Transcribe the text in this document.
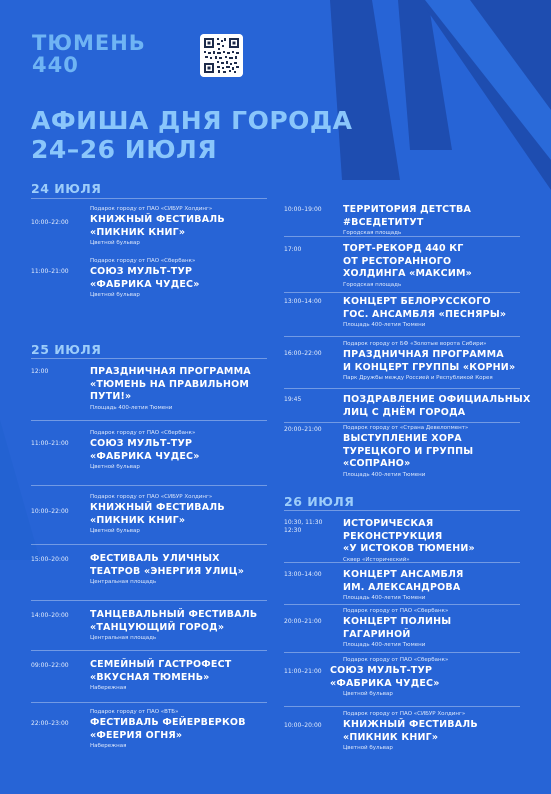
ТЮМЕНЬ
440
АФИША ДНЯ ГОРОДА
24–26 ИЮЛЯ
24 ИЮЛЯ
25 ИЮЛЯ
26 ИЮЛЯ
10:00–22:00
Подарок городу от ПАО «СИБУР Холдинг»
КНИЖНЫЙ ФЕСТИВАЛЬ
«ПИКНИК КНИГ»
Цветной бульвар
11:00–21:00
Подарок городу от ПАО «Сбербанк»
СОЮЗ МУЛЬТ-ТУР
«ФАБРИКА ЧУДЕС»
Цветной бульвар
12:00	ПРАЗДНИЧНАЯ ПРОГРАММА
«ТЮМЕНЬ НА ПРАВИЛЬНОМ
ПУТИ!»
Площадь 400-летия Тюмени
11:00–21:00
Подарок городу от ПАО «Сбербанк»
СОЮЗ МУЛЬТ-ТУР
«ФАБРИКА ЧУДЕС»
Цветной бульвар
10:00–22:00
Подарок городу от ПАО «СИБУР Холдинг»
КНИЖНЫЙ ФЕСТИВАЛЬ
«ПИКНИК КНИГ»
Цветной бульвар
15:00–20:00 ФЕСТИВАЛЬ УЛИЧНЫХ
ТЕАТРОВ «ЭНЕРГИЯ УЛИЦ»
Центральная площадь
14:00–20:00 ТАНЦЕВАЛЬНЫЙ ФЕСТИВАЛЬ
«ТАНЦУЮЩИЙ ГОРОД»
Центральная площадь
09:00–22:00 СЕМЕЙНЫЙ ГАСТРОФЕСТ
«ВКУСНАЯ ТЮМЕНЬ»
Набережная
22:00–23:00
Подарок городу от ПАО «ВТБ»
ФЕСТИВАЛЬ ФЕЙЕРВЕРКОВ
«ФЕЕРИЯ ОГНЯ»
Набережная
10:00–19:00 ТЕРРИТОРИЯ ДЕТСТВА
#ВСЕДЕТИТУТ
Городская площадь
17:00	ТОРТ-РЕКОРД 440 КГ
ОТ РЕСТОРАННОГО
ХОЛДИНГА «МАКСИМ»
Городская площадь
13:00–14:00 КОНЦЕРТ БЕЛОРУССКОГО
ГОС. АНСАМБЛЯ «ПЕСНЯРЫ»
Площадь 400-летия Тюмени
16:00–22:00
Подарок городу от БФ «Золотые ворота Сибири»
ПРАЗДНИЧНАЯ ПРОГРАММА
И КОНЦЕРТ ГРУППЫ «КОРНИ»
Парк Дружбы между Россией и Республикой Корея
19:45	ПОЗДРАВЛЕНИЕ ОФИЦИАЛЬНЫХ
ЛИЦ С ДНЁМ ГОРОДА
20:00–21:00	Подарок городу от «Страна Девелопмент»
ВЫСТУПЛЕНИЕ ХОРА
ТУРЕЦКОГО И ГРУППЫ
«СОПРАНО»
Площадь 400-летия Тюмени
10:30, 11:30
12:30
ИСТОРИЧЕСКАЯ
РЕКОНСТРУКЦИЯ
«У ИСТОКОВ ТЮМЕНИ»
Сквер «Исторический»
13:00–14:00 КОНЦЕРТ АНСАМБЛЯ
ИМ. АЛЕКСАНДРОВА
Площадь 400-летия Тюмени
20:00–21:00
Подарок городу от ПАО «Сбербанк»
КОНЦЕРТ ПОЛИНЫ
ГАГАРИНОЙ
Площадь 400-летия Тюмени
11:00–21:00
Подарок городу от ПАО «Сбербанк»
СОЮЗ МУЛЬТ-ТУР
«ФАБРИКА ЧУДЕС»
Цветной бульвар
10:00–20:00
Подарок городу от ПАО «СИБУР Холдинг»
КНИЖНЫЙ ФЕСТИВАЛЬ
«ПИКНИК КНИГ»
Цветной бульвар
